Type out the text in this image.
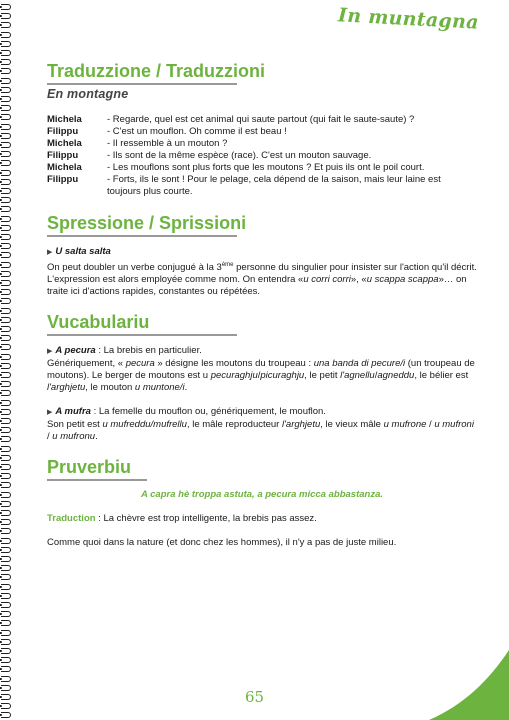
In muntagna
Traduzzione / Traduzzioni
En montagne
Michela	- Regarde, quel est cet animal qui saute partout (qui fait le saute-saute) ?
Filippu	- C'est un mouflon. Oh comme il est beau !
Michela	- Il ressemble à un mouton ?
Filippu	- Ils sont de la même espèce (race). C'est un mouton sauvage.
Michela	- Les mouflons sont plus forts que les moutons ? Et puis ils ont le poil court.
Filippu	- Forts, ils le sont ! Pour le pelage, cela dépend de la saison, mais leur laine est toujours plus courte.
Spressione / Sprissioni
▶ U salta salta

On peut doubler un verbe conjugué à la 3ème personne du singulier pour insister sur l'action qu'il décrit. L'expression est alors employée comme nom. On entendra «u corri corri», «u scappa scappa»… on traite ici d'actions rapides, constantes ou répétées.

Vucabulariu
▶ A pecura : La brebis en particulier.

Génériquement, « pecura » désigne les moutons du troupeau : una banda di pecure/i (un troupeau de moutons). Le berger de moutons est u pecuraghju/picuraghju, le petit l'agnellu/agneddu, le bélier est l'arghjetu, le mouton u muntone/i.

▶ A mufra : La femelle du mouflon ou, génériquement, le mouflon.

Son petit est u mufreddu/mufrellu, le mâle reproducteur l'arghjetu, le vieux mâle u mufrone / u mufroni / u mufronu.

Pruverbiu

A capra hè troppa astuta, a pecura micca abbastanza.

Traduction : La chèvre est trop intelligente, la brebis pas assez.

Comme quoi dans la nature (et donc chez les hommes), il n'y a pas de juste milieu.

65
